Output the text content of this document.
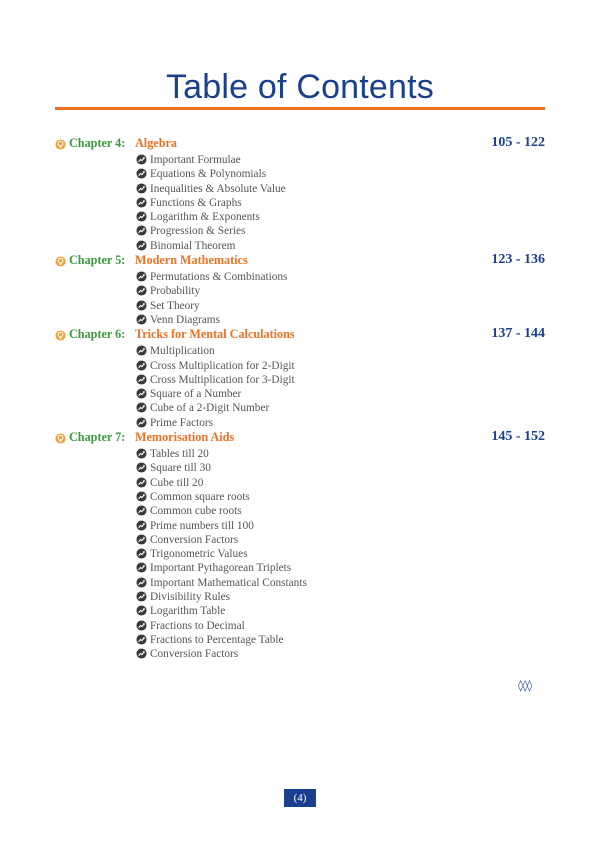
Table of Contents
Chapter 4: Algebra	105 - 122
Important Formulae
Equations & Polynomials
Inequalities & Absolute Value
Functions & Graphs
Logarithm & Exponents
Progression & Series
Binomial Theorem
Chapter 5: Modern Mathematics	123 - 136
Permutations & Combinations
Probability
Set Theory
Venn Diagrams
Chapter 6: Tricks for Mental Calculations	137 - 144
Multiplication
Cross Multiplication for 2-Digit
Cross Multiplication for 3-Digit
Square of a Number
Cube of a 2-Digit Number
Prime Factors
Chapter 7: Memorisation Aids	145 - 152
Tables till 20
Square till 30
Cube till 20
Common square roots
Common cube roots
Prime numbers till 100
Conversion Factors
Trigonometric Values
Important Pythagorean Triplets
Important Mathematical Constants
Divisibility Rules
Logarithm Table
Fractions to Decimal
Fractions to Percentage Table
Conversion Factors
◊◊◊
(4)
